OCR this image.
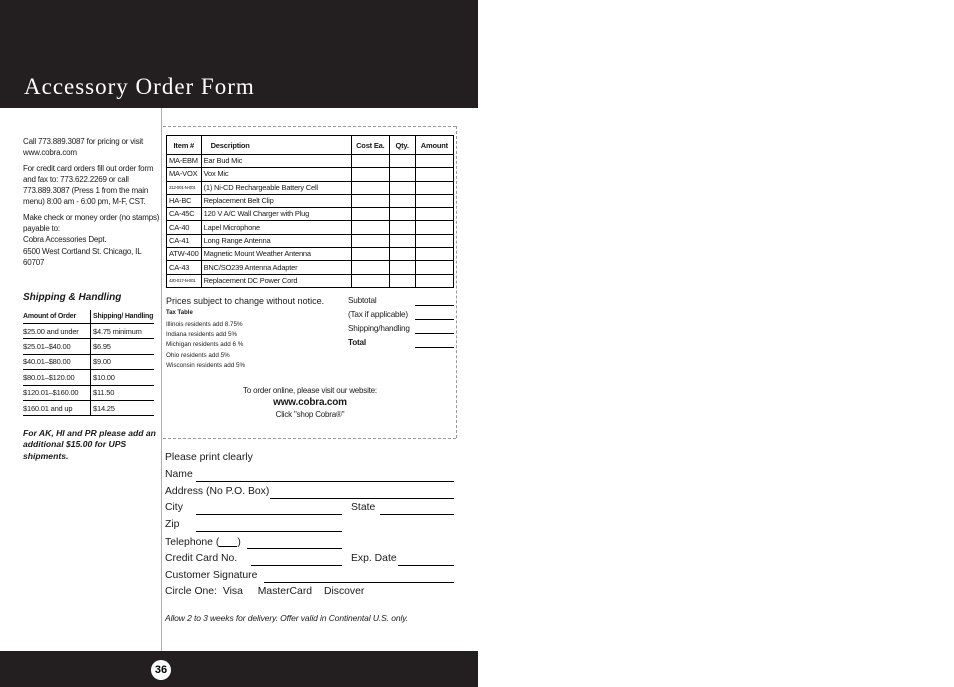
Accessory Order Form

Call 773.889.3087 for pricing or visit www.cobra.com

For credit card orders fill out order form and fax to: 773.622.2269 or call 773.889.3087 (Press 1 from the main menu) 8:00 am - 6:00 pm, M-F, CST.

Make check or money order (no stamps) payable to:

Cobra Accessories Dept.

6500 West Cortland St. Chicago, IL 60707

Shipping & Handling
Amount of Order	Shipping/ Handling
$25.00 and under	$4.75 minimum
$25.01–$40.00	$6.95
$40.01–$80.00	$9.00
$80.01–$120.00	$10.00
$120.01–$160.00	$11.50
$160.01 and up	$14.25
For AK, HI and PR please add an additional $15.00 for UPS shipments.
Item #	Description	Cost Ea.	Qty.	Amount
MA-EBM	Ear Bud Mic			
MA-VOX	Vox Mic			
212-001-N-001	(1) Ni-CD Rechargeable Battery Cell			
HA-BC	Replacement Belt Clip			
CA-45C	120 V A/C Wall Charger with Plug			
CA-40	Lapel Microphone			
CA-41	Long Range Antenna			
ATW-400	Magnetic Mount Weather Antenna			
CA-43	BNC/SO239 Antenna Adapter			
420-017-N-001	Replacement DC Power Cord			
Prices subject to change without notice.
Tax Table
Illinois residents add 8.75%
Indiana residents add 5%
Michigan residents add 6 %
Ohio residents add 5%
Wisconsin residents add 5%
Subtotal
(Tax if applicable)
Shipping/handling
Total
To order online, please visit our website:
www.cobra.com
Click "shop Cobra®"
Please print clearly
Name
Address (No P.O. Box)
City	State
Zip
Telephone ( )
Credit Card No.	Exp. Date
Customer Signature
Circle One: Visa MasterCard Discover
Allow 2 to 3 weeks for delivery. Offer valid in Continental U.S. only.
36
